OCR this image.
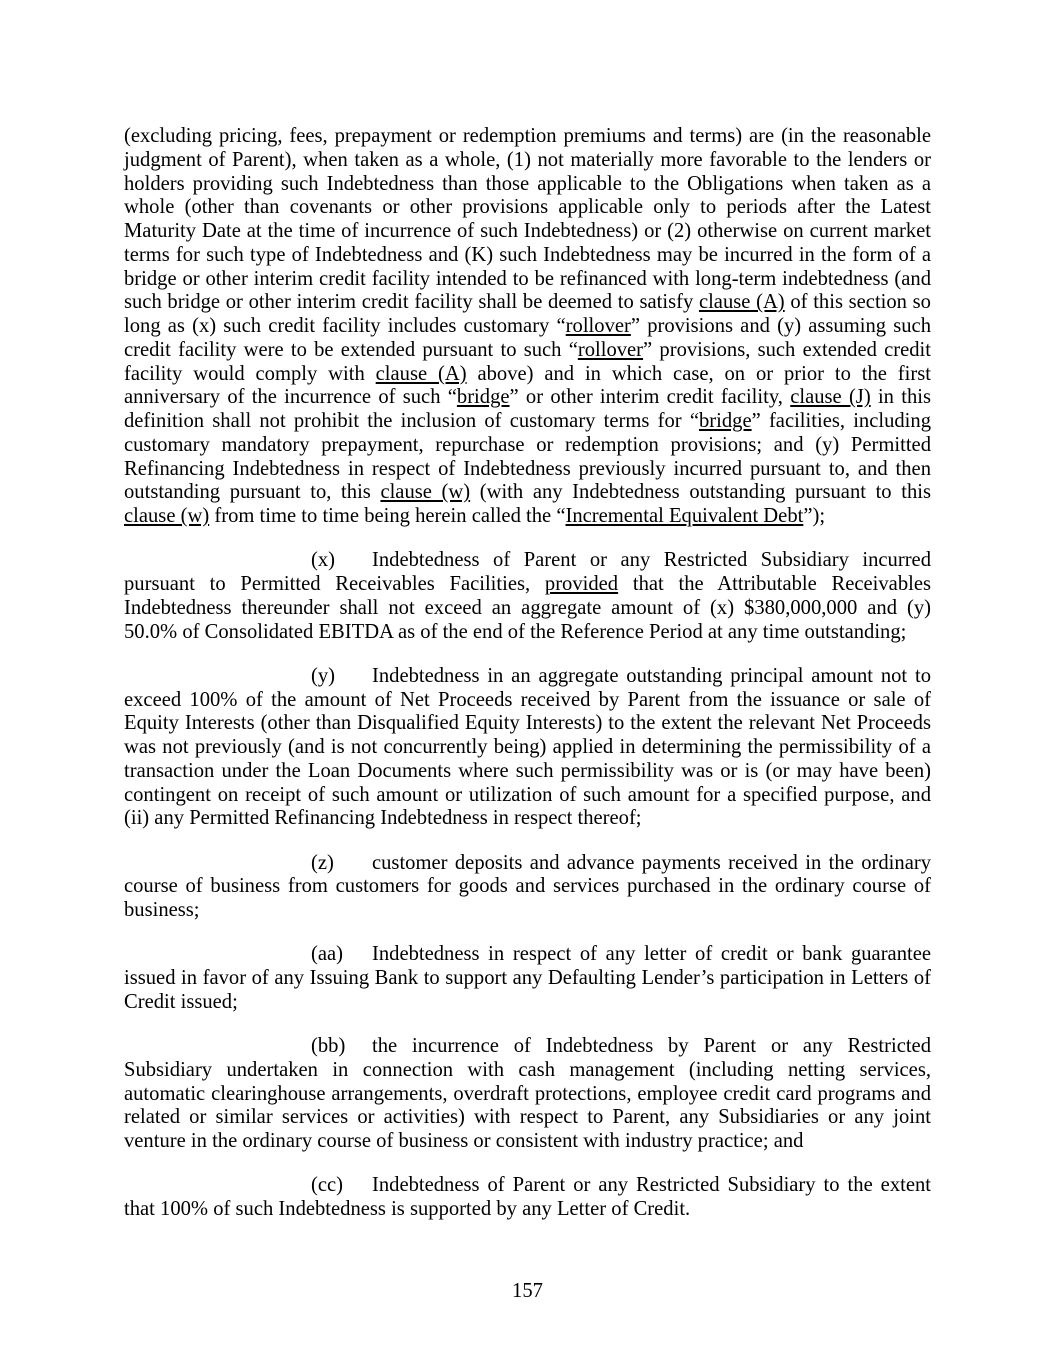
(excluding pricing, fees, prepayment or redemption premiums and terms) are (in the reasonable judgment of Parent), when taken as a whole, (1) not materially more favorable to the lenders or holders providing such Indebtedness than those applicable to the Obligations when taken as a whole (other than covenants or other provisions applicable only to periods after the Latest Maturity Date at the time of incurrence of such Indebtedness) or (2) otherwise on current market terms for such type of Indebtedness and (K) such Indebtedness may be incurred in the form of a bridge or other interim credit facility intended to be refinanced with long-term indebtedness (and such bridge or other interim credit facility shall be deemed to satisfy clause (A) of this section so long as (x) such credit facility includes customary “rollover” provisions and (y) assuming such credit facility were to be extended pursuant to such “rollover” provisions, such extended credit facility would comply with clause (A) above) and in which case, on or prior to the first anniversary of the incurrence of such “bridge” or other interim credit facility, clause (J) in this definition shall not prohibit the inclusion of customary terms for “bridge” facilities, including customary mandatory prepayment, repurchase or redemption provisions; and (y) Permitted Refinancing Indebtedness in respect of Indebtedness previously incurred pursuant to, and then outstanding pursuant to, this clause (w) (with any Indebtedness outstanding pursuant to this clause (w) from time to time being herein called the “Incremental Equivalent Debt”);

(x) Indebtedness of Parent or any Restricted Subsidiary incurred pursuant to Permitted Receivables Facilities, provided that the Attributable Receivables Indebtedness thereunder shall not exceed an aggregate amount of (x) $380,000,000 and (y) 50.0% of Consolidated EBITDA as of the end of the Reference Period at any time outstanding;

(y) Indebtedness in an aggregate outstanding principal amount not to exceed 100% of the amount of Net Proceeds received by Parent from the issuance or sale of Equity Interests (other than Disqualified Equity Interests) to the extent the relevant Net Proceeds was not previously (and is not concurrently being) applied in determining the permissibility of a transaction under the Loan Documents where such permissibility was or is (or may have been) contingent on receipt of such amount or utilization of such amount for a specified purpose, and (ii) any Permitted Refinancing Indebtedness in respect thereof;

(z) customer deposits and advance payments received in the ordinary course of business from customers for goods and services purchased in the ordinary course of business;

(aa) Indebtedness in respect of any letter of credit or bank guarantee issued in favor of any Issuing Bank to support any Defaulting Lender’s participation in Letters of Credit issued;

(bb) the incurrence of Indebtedness by Parent or any Restricted Subsidiary undertaken in connection with cash management (including netting services, automatic clearinghouse arrangements, overdraft protections, employee credit card programs and related or similar services or activities) with respect to Parent, any Subsidiaries or any joint venture in the ordinary course of business or consistent with industry practice; and

(cc) Indebtedness of Parent or any Restricted Subsidiary to the extent that 100% of such Indebtedness is supported by any Letter of Credit.

157
